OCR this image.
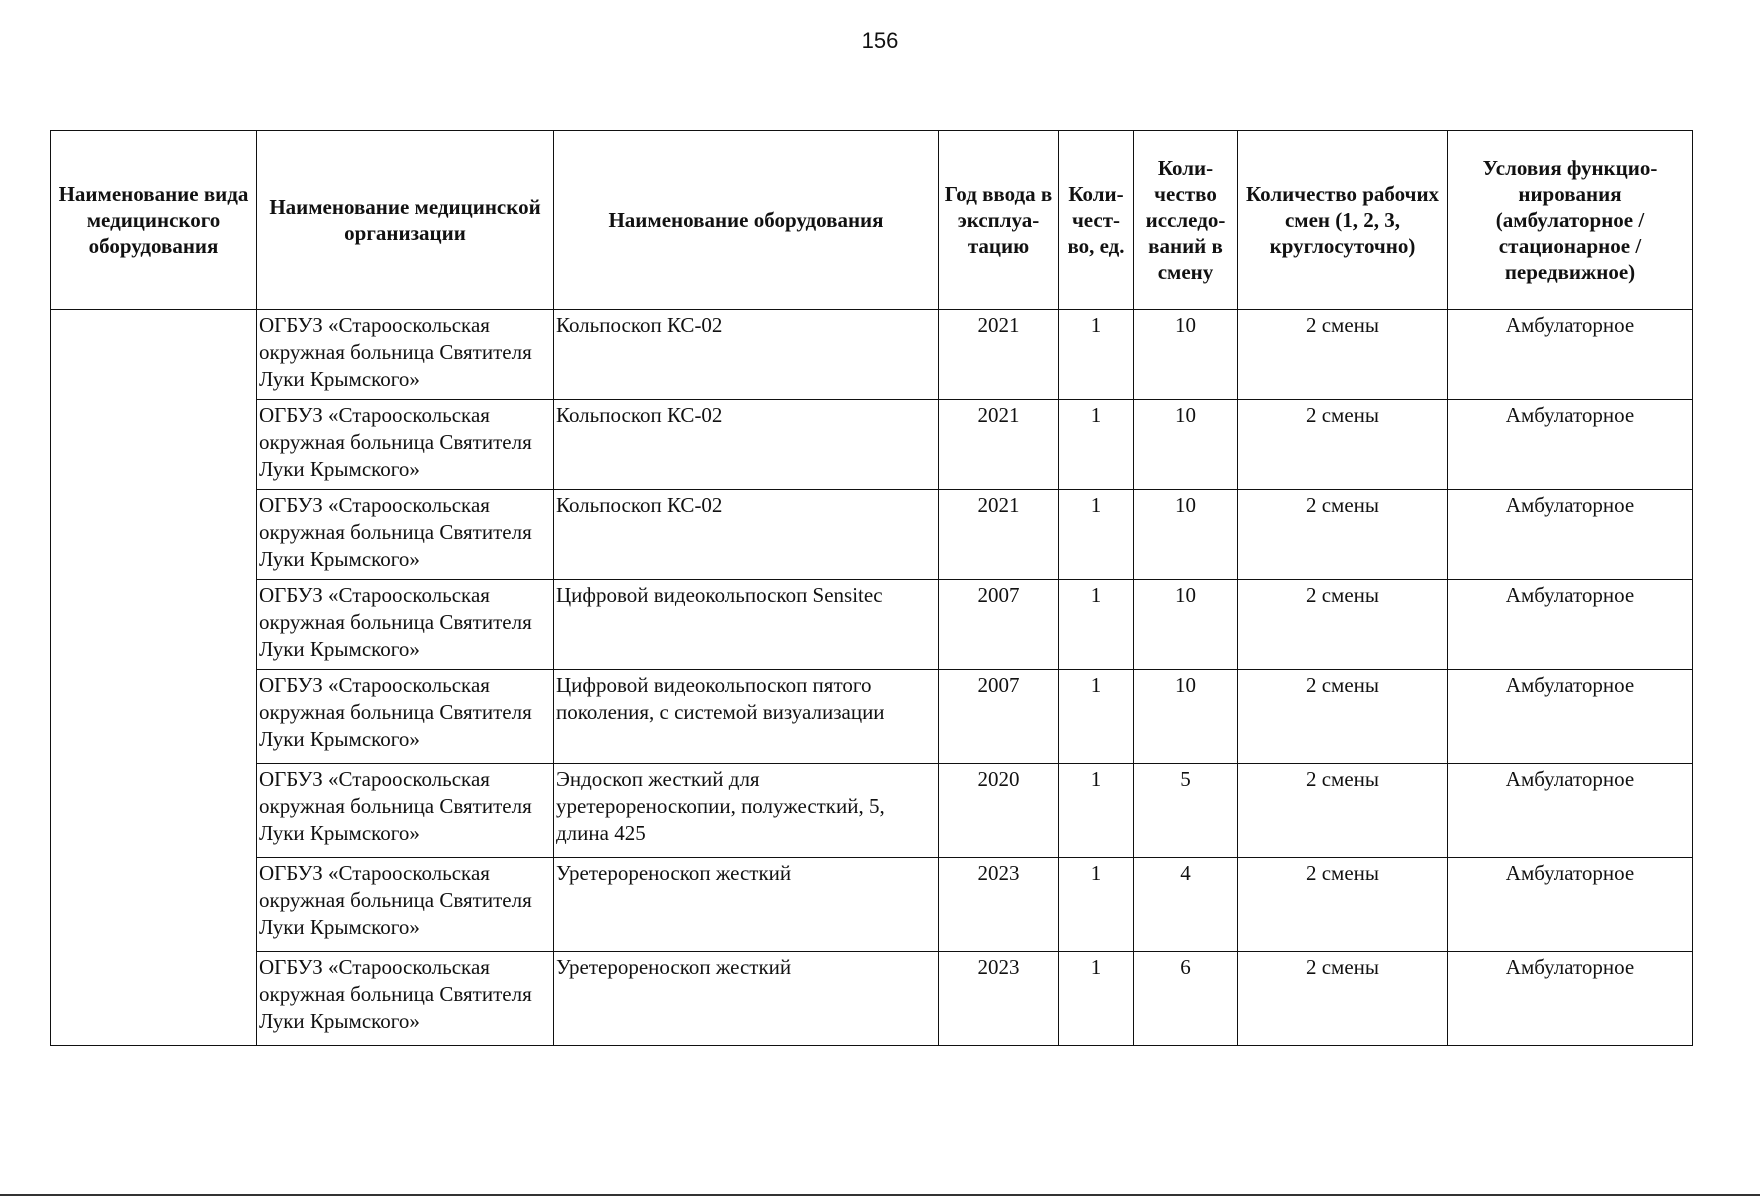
156
Наименование вида медицинского оборудования	Наименование медицинской организации	Наименование оборудования	Год ввода в эксплуа-тацию	Коли-чест-во, ед.	Коли-чество исследо-ваний в смену	Количество рабочих смен (1, 2, 3, круглосуточно)	Условия функцио-нирования (амбулаторное / стационарное / передвижное)
	ОГБУЗ «Старооскольская окружная больница Святителя Луки Крымского»	Кольпоскоп КС-02	2021	1	10	2 смены	Амбулаторное
	ОГБУЗ «Старооскольская окружная больница Святителя Луки Крымского»	Кольпоскоп КС-02	2021	1	10	2 смены	Амбулаторное
	ОГБУЗ «Старооскольская окружная больница Святителя Луки Крымского»	Кольпоскоп КС-02	2021	1	10	2 смены	Амбулаторное
	ОГБУЗ «Старооскольская окружная больница Святителя Луки Крымского»	Цифровой видеокольпоскоп Sensitec	2007	1	10	2 смены	Амбулаторное
	ОГБУЗ «Старооскольская окружная больница Святителя Луки Крымского»	Цифровой видеокольпоскоп пятого поколения, с системой визуализации	2007	1	10	2 смены	Амбулаторное
	ОГБУЗ «Старооскольская окружная больница Святителя Луки Крымского»	Эндоскоп жесткий для уретерореноскопии, полужесткий, 5, длина 425	2020	1	5	2 смены	Амбулаторное
	ОГБУЗ «Старооскольская окружная больница Святителя Луки Крымского»	Уретерореноскоп жесткий	2023	1	4	2 смены	Амбулаторное
	ОГБУЗ «Старооскольская окружная больница Святителя Луки Крымского»	Уретерореноскоп жесткий	2023	1	6	2 смены	Амбулаторное
